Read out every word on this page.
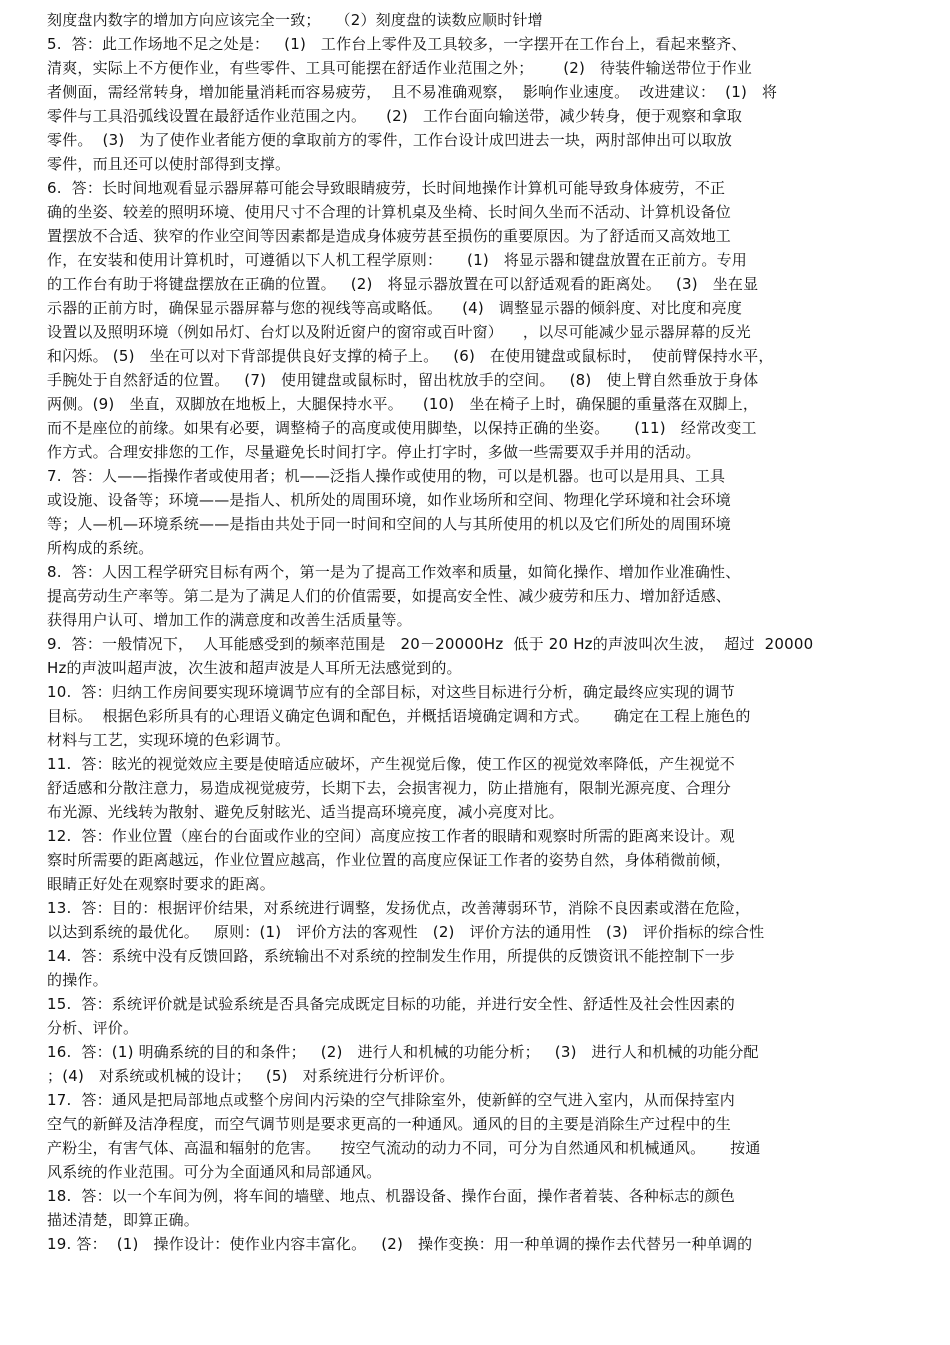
刻度盘内数字的增加方向应该完全一致；   （2）刻度盘的读数应顺时针增
5.  答：此工作场地不足之处是：   (1)   工作台上零件及工具较多，一字摆开在工作台上，看起来整齐、
清爽，实际上不方便作业，有些零件、工具可能摆在舒适作业范围之外；      (2)   待装件输送带位于作业
者侧面，需经常转身，增加能量消耗而容易疲劳，  且不易准确观察，  影响作业速度。  改进建议：  (1)   将
零件与工具沿弧线设置在最舒适作业范围之内。    (2)   工作台面向输送带，减少转身，便于观察和拿取
零件。  (3)   为了使作业者能方便的拿取前方的零件，工作台设计成凹进去一块，两肘部伸出可以取放
零件，而且还可以使肘部得到支撑。
6.  答：长时间地观看显示器屏幕可能会导致眼睛疲劳，长时间地操作计算机可能导致身体疲劳，不正
确的坐姿、较差的照明环境、使用尺寸不合理的计算机桌及坐椅、长时间久坐而不活动、计算机设备位
置摆放不合适、狭窄的作业空间等因素都是造成身体疲劳甚至损伤的重要原因。为了舒适而又高效地工
作，在安装和使用计算机时，可遵循以下人机工程学原则：     (1)   将显示器和键盘放置在正前方。专用
的工作台有助于将键盘摆放在正确的位置。   (2)   将显示器放置在可以舒适观看的距离处。   (3)   坐在显
示器的正前方时，确保显示器屏幕与您的视线等高或略低。    (4)   调整显示器的倾斜度、对比度和亮度
设置以及照明环境（例如吊灯、台灯以及附近窗户的窗帘或百叶窗）    ，以尽可能减少显示器屏幕的反光
和闪烁。 (5)   坐在可以对下背部提供良好支撑的椅子上。   (6)   在使用键盘或鼠标时，  使前臂保持水平，
手腕处于自然舒适的位置。   (7)   使用键盘或鼠标时，留出枕放手的空间。   (8)   使上臂自然垂放于身体
两侧。(9)   坐直，双脚放在地板上，大腿保持水平。    (10)   坐在椅子上时，确保腿的重量落在双脚上，
而不是座位的前缘。如果有必要，调整椅子的高度或使用脚垫，以保持正确的坐姿。     (11)   经常改变工
作方式。合理安排您的工作，尽量避免长时间打字。停止打字时，多做一些需要双手并用的活动。
7.  答：人——指操作者或使用者；机——泛指人操作或使用的物，可以是机器。也可以是用具、工具
或设施、设备等；环境——是指人、机所处的周围环境，如作业场所和空间、物理化学环境和社会环境
等；人—机—环境系统——是指由共处于同一时间和空间的人与其所使用的机以及它们所处的周围环境
所构成的系统。
8.  答：人因工程学研究目标有两个，第一是为了提高工作效率和质量，如简化操作、增加作业准确性、
提高劳动生产率等。第二是为了满足人们的价值需要，如提高安全性、减少疲劳和压力、增加舒适感、
获得用户认可、增加工作的满意度和改善生活质量等。
9.  答：一般情况下，  人耳能感受到的频率范围是   20－20000Hz  低于 20 Hz的声波叫次生波，  超过  20000
Hz的声波叫超声波，次生波和超声波是人耳所无法感觉到的。
10.  答：归纳工作房间要实现环境调节应有的全部目标，对这些目标进行分析，确定最终应实现的调节
目标。  根据色彩所具有的心理语义确定色调和配色，并概括语境确定调和方式。     确定在工程上施色的
材料与工艺，实现环境的色彩调节。
11.  答：眩光的视觉效应主要是使暗适应破坏，产生视觉后像，使工作区的视觉效率降低，产生视觉不
舒适感和分散注意力，易造成视觉疲劳，长期下去，会损害视力，防止措施有，限制光源亮度、合理分
布光源、光线转为散射、避免反射眩光、适当提高环境亮度，减小亮度对比。
12.  答：作业位置（座台的台面或作业的空间）高度应按工作者的眼睛和观察时所需的距离来设计。观
察时所需要的距离越远，作业位置应越高，作业位置的高度应保证工作者的姿势自然，身体稍微前倾，
眼睛正好处在观察时要求的距离。
13.  答：目的：根据评价结果，对系统进行调整，发扬优点，改善薄弱环节，消除不良因素或潜在危险，
以达到系统的最优化。   原则：(1)   评价方法的客观性   (2)   评价方法的通用性   (3)   评价指标的综合性
14.  答：系统中没有反馈回路，系统输出不对系统的控制发生作用，所提供的反馈资讯不能控制下一步
的操作。
15.  答：系统评价就是试验系统是否具备完成既定目标的功能，并进行安全性、舒适性及社会性因素的
分析、评价。
16.  答：(1) 明确系统的目的和条件；   (2)   进行人和机械的功能分析；   (3)   进行人和机械的功能分配
；(4)   对系统或机械的设计；   (5)   对系统进行分析评价。
17.  答：通风是把局部地点或整个房间内污染的空气排除室外，使新鲜的空气进入室内，从而保持室内
空气的新鲜及洁净程度，而空气调节则是要求更高的一种通风。通风的目的主要是消除生产过程中的生
产粉尘，有害气体、高温和辐射的危害。    按空气流动的动力不同，可分为自然通风和机械通风。     按通
风系统的作业范围。可分为全面通风和局部通风。
18.  答：以一个车间为例，将车间的墙壁、地点、机器设备、操作台面，操作者着装、各种标志的颜色
描述清楚，即算正确。
19. 答：  (1)   操作设计：使作业内容丰富化。   (2)   操作变换：用一种单调的操作去代替另一种单调的
